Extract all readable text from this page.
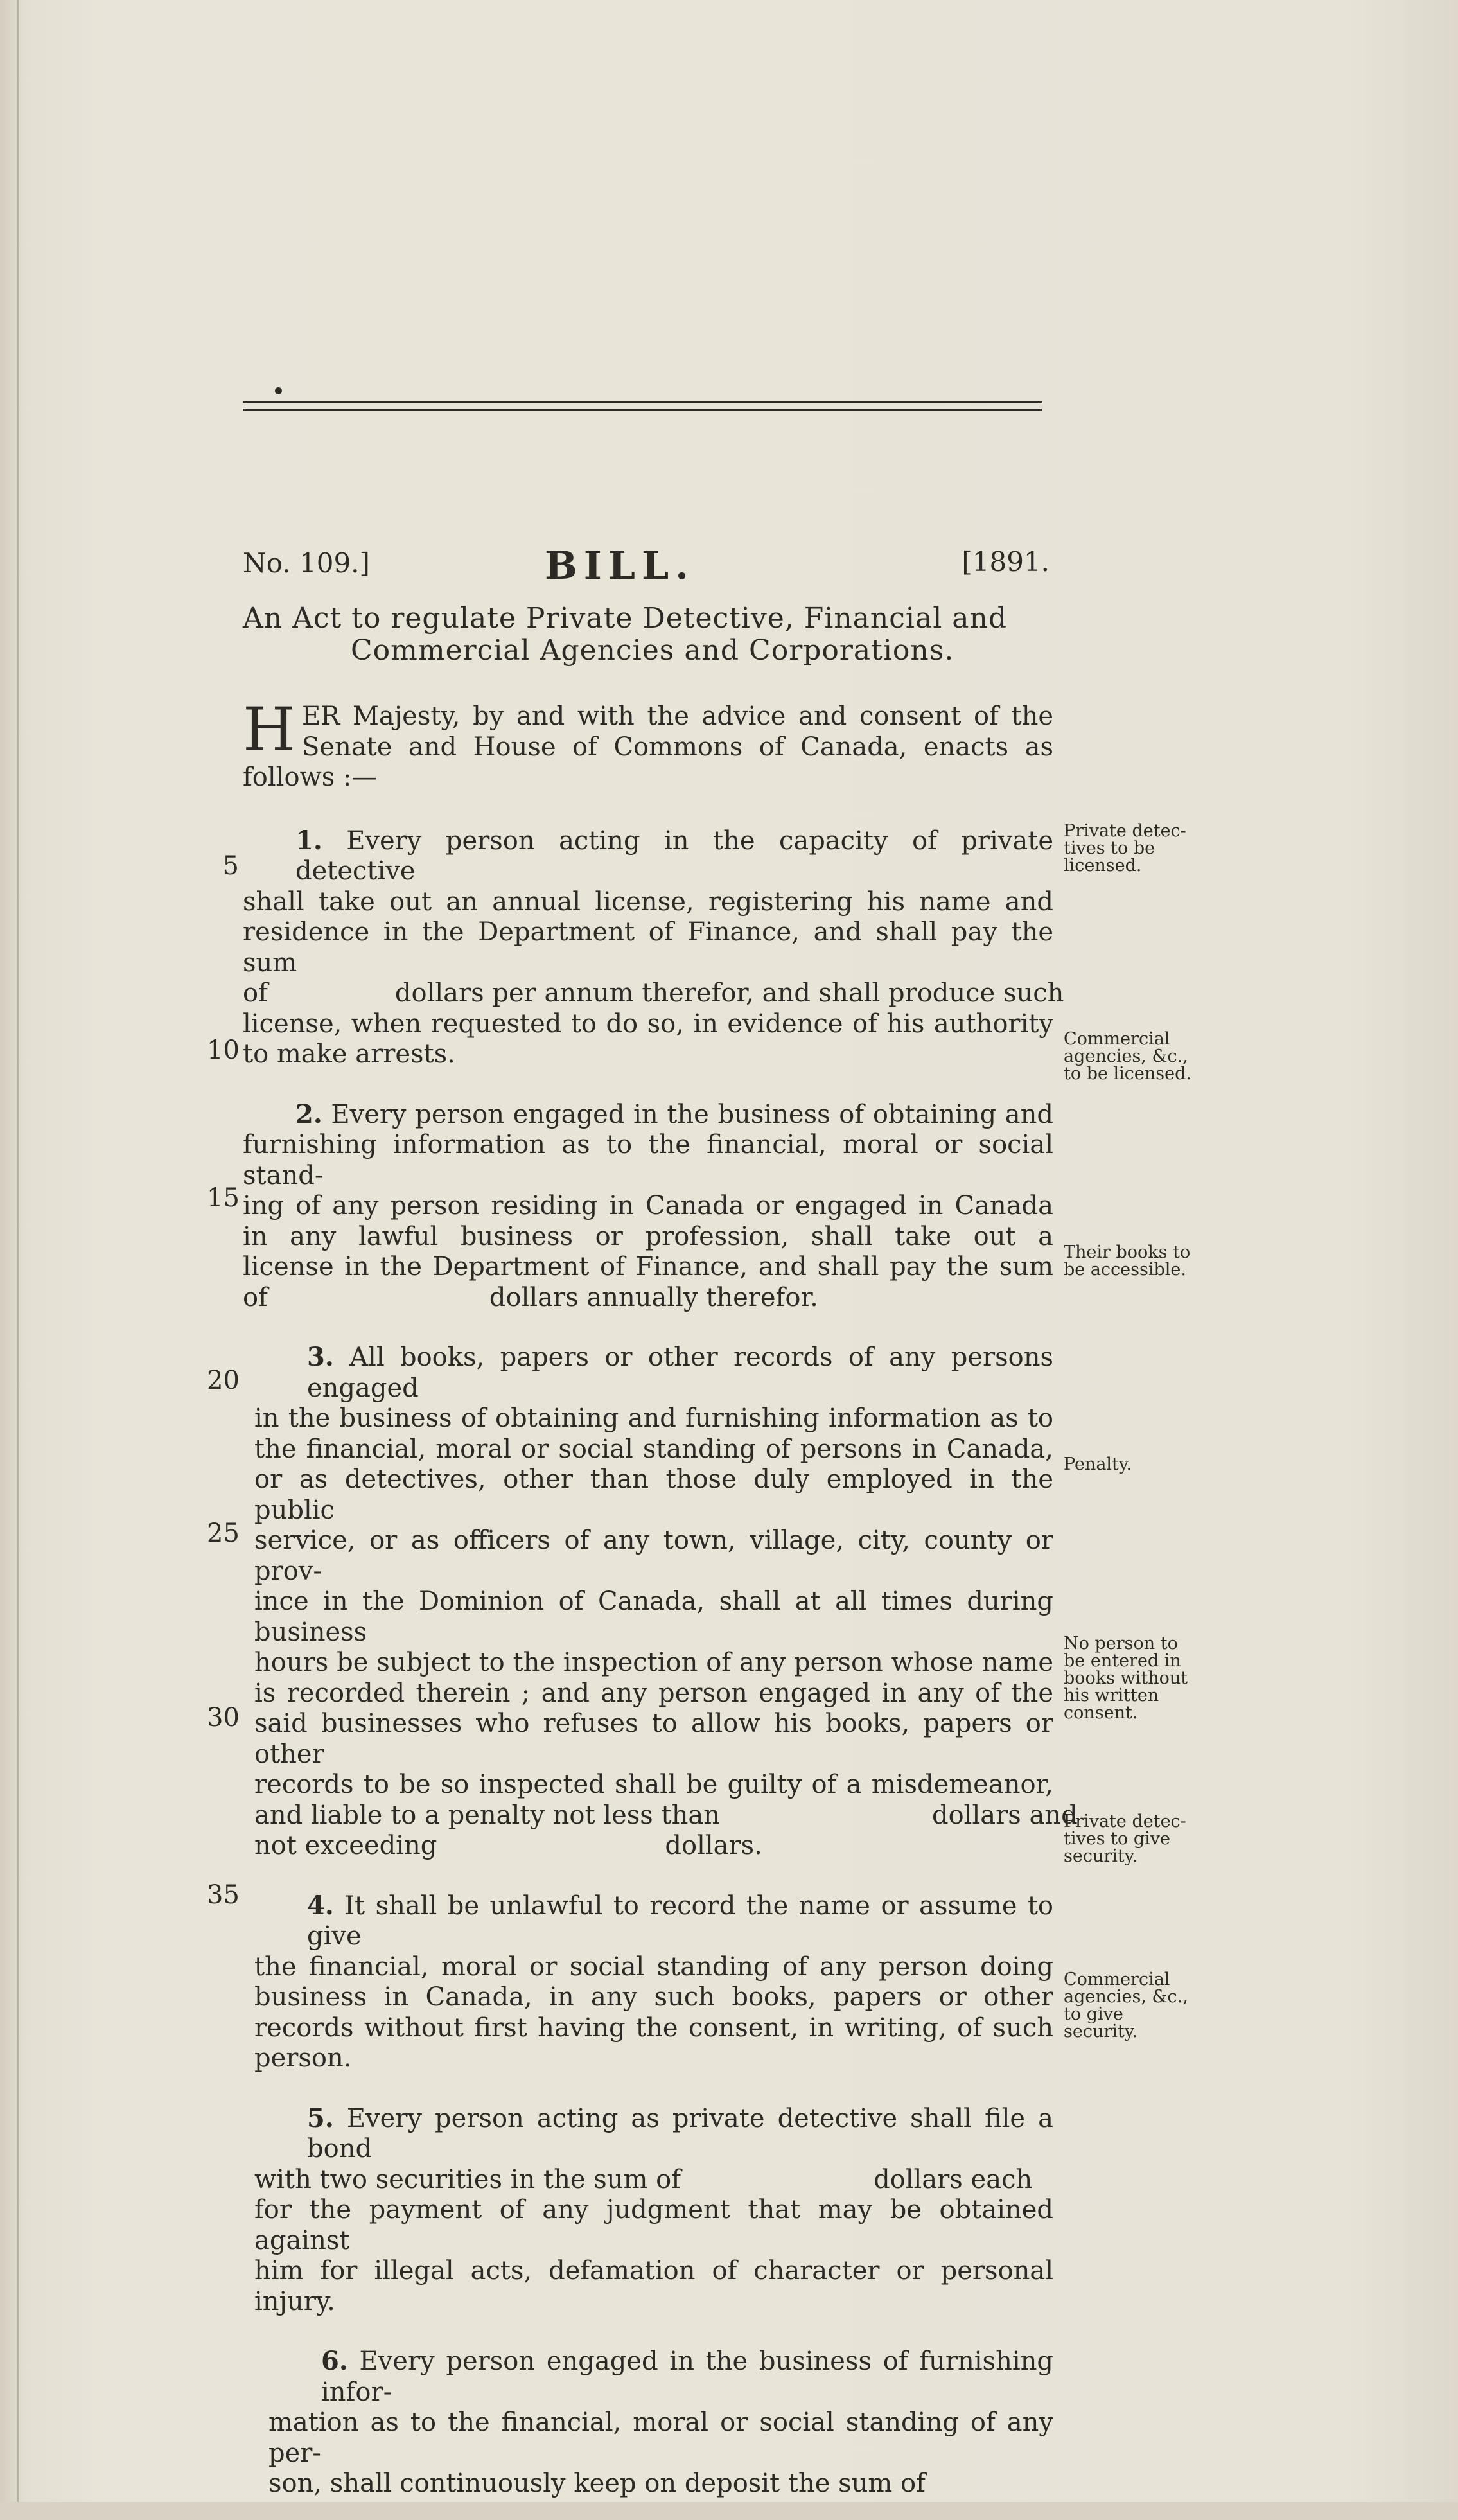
No. 109.]	BILL.	[1891.
An Act to regulate Private Detective, Financial and
Commercial Agencies and Corporations.
H ER Majesty, by and with the advice and consent of the
Senate and House of Commons of Canada, enacts as
follows :—
1. Every person acting in the capacity of private detective
shall take out an annual license, registering his name and
residence in the Department of Finance, and shall pay the sum
of	dollars per annum therefor, and shall produce such
license, when requested to do so, in evidence of his authority
to make arrests.
2. Every person engaged in the business of obtaining and
furnishing information as to the financial, moral or social stand-
ing of any person residing in Canada or engaged in Canada
in any lawful business or profession, shall take out a
license in the Department of Finance, and shall pay the sum
of	dollars annually therefor.
3. All books, papers or other records of any persons engaged
in the business of obtaining and furnishing information as to
the financial, moral or social standing of persons in Canada,
or as detectives, other than those duly employed in the public
service, or as officers of any town, village, city, county or prov-
ince in the Dominion of Canada, shall at all times during business
hours be subject to the inspection of any person whose name
is recorded therein ; and any person engaged in any of the
said businesses who refuses to allow his books, papers or other
records to be so inspected shall be guilty of a misdemeanor,
and liable to a penalty not less than	dollars and
not exceeding	dollars.
4. It shall be unlawful to record the name or assume to give
the financial, moral or social standing of any person doing
business in Canada, in any such books, papers or other
records without first having the consent, in writing, of such
person.
5. Every person acting as private detective shall file a bond
with two securities in the sum of	dollars each
for the payment of any judgment that may be obtained against
him for illegal acts, defamation of character or personal injury.
6. Every person engaged in the business of furnishing infor-
mation as to the financial, moral or social standing of any per-
son, shall continuously keep on deposit the sum of
5
10
15
20
25
30
35
Private detec-
tives to be
licensed.
Commercial
agencies, &c.,
to be licensed.
Their books to
be accessible.
Penalty.
No person to
be entered in
books without
his written
consent.
Private detec-
tives to give
security.
Commercial
agencies, &c.,
to give
security.
